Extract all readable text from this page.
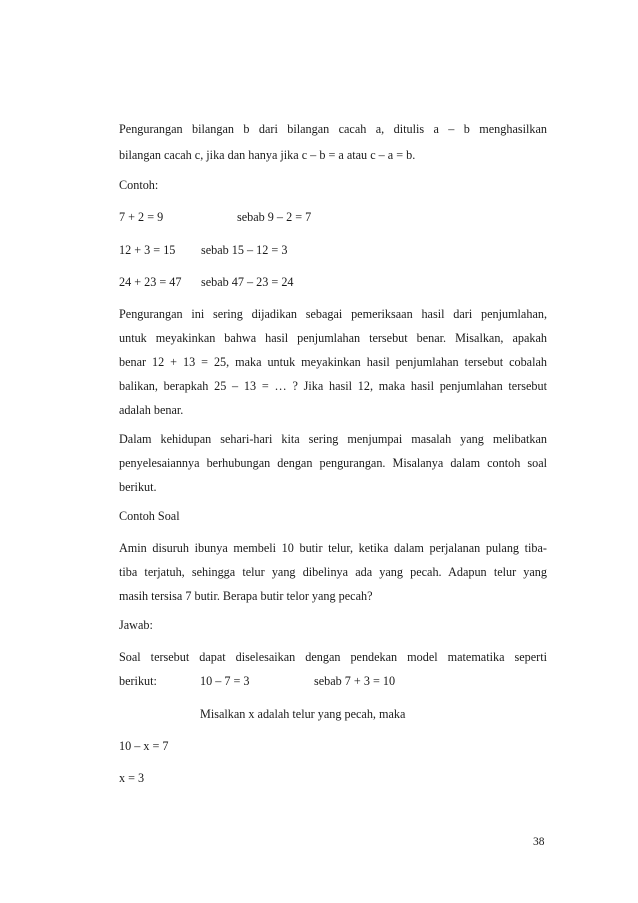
Pengurangan bilangan b dari bilangan cacah a, ditulis a – b menghasilkan
bilangan cacah c, jika dan hanya jika c – b = a atau c – a = b.
Contoh:
7 + 2 = 9	sebab 9 – 2 = 7
12 + 3 = 15 sebab 15 – 12 = 3
24 + 23 = 47 sebab 47 – 23 = 24
Pengurangan ini sering dijadikan sebagai pemeriksaan hasil dari penjumlahan,
untuk meyakinkan bahwa hasil penjumlahan tersebut benar. Misalkan, apakah
benar 12 + 13 = 25, maka untuk meyakinkan hasil penjumlahan tersebut cobalah
balikan, berapkah 25 – 13 = … ? Jika hasil 12, maka hasil penjumlahan tersebut
adalah benar.
Dalam kehidupan sehari-hari kita sering menjumpai masalah yang melibatkan
penyelesaiannya berhubungan dengan pengurangan. Misalanya dalam contoh soal
berikut.
Contoh Soal
Amin disuruh ibunya membeli 10 butir telur, ketika dalam perjalanan pulang tiba-
tiba terjatuh, sehingga telur yang dibelinya ada yang pecah. Adapun telur yang
masih tersisa 7 butir. Berapa butir telor yang pecah?
Jawab:
Soal tersebut dapat diselesaikan dengan pendekan model matematika seperti
berikut:	10 – 7 = 3	sebab 7 + 3 = 10
Misalkan x adalah telur yang pecah, maka
10 – x = 7
x = 3
38
